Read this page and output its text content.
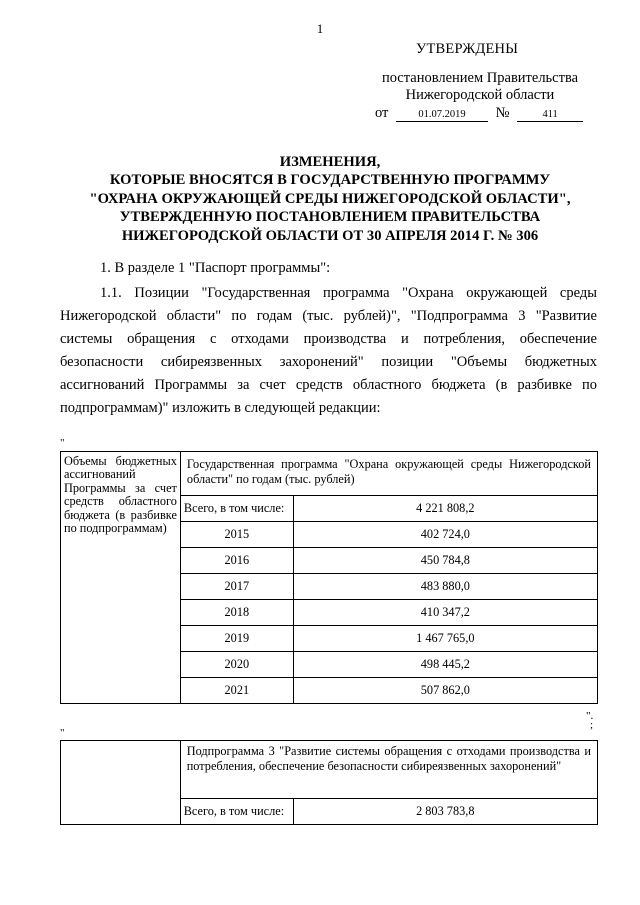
1
УТВЕРЖДЕНЫ
постановлением Правительства
Нижегородской области
от	01.07.2019 №	411
ИЗМЕНЕНИЯ,
КОТОРЫЕ ВНОСЯТСЯ В ГОСУДАРСТВЕННУЮ ПРОГРАММУ
"ОХРАНА ОКРУЖАЮЩЕЙ СРЕДЫ НИЖЕГОРОДСКОЙ ОБЛАСТИ",
УТВЕРЖДЕННУЮ ПОСТАНОВЛЕНИЕМ ПРАВИТЕЛЬСТВА
НИЖЕГОРОДСКОЙ ОБЛАСТИ ОТ 30 АПРЕЛЯ 2014 Г. № 306
1. В разделе 1 "Паспорт программы":
1.1. Позиции "Государственная программа "Охрана окружающей среды Нижегородской области" по годам (тыс. рублей)", "Подпрограмма 3 "Развитие системы обращения с отходами производства и потребления, обеспечение безопасности сибиреязвенных захоронений" позиции "Объемы бюджетных ассигнований Программы за счет средств областного бюджета (в разбивке по подпрограммам)" изложить в следующей редакции:
"
Объемы бюджетных ассигнований Программы за счет средств областного бюджета (в разбивке по подпрограммам)	Государственная программа "Охрана окружающей среды Нижегородской области" по годам (тыс. рублей)	
	Всего, в том числе:	4 221 808,2
	2015	402 724,0
	2016	450 784,8
	2017	483 880,0
	2018	410 347,2
	2019	1 467 765,0
	2020	498 445,2
	2021	507 862,0
".
;
"
	Подпрограмма 3 "Развитие системы обращения с отходами производства и потребления, обеспечение безопасности сибиреязвенных захоронений"	
	Всего, в том числе:	2 803 783,8
